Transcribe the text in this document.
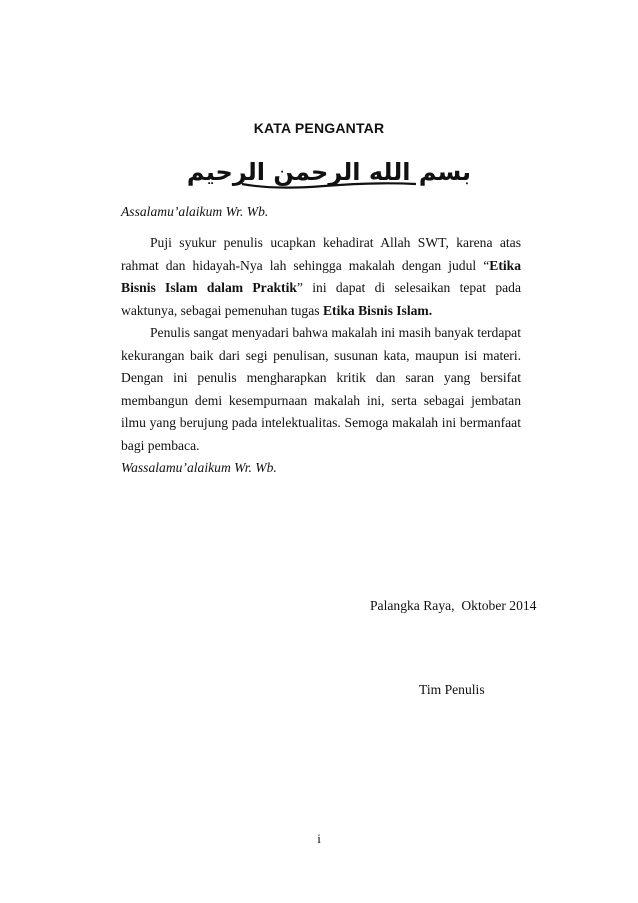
KATA PENGANTAR
بسم الله الرحمن الرحيم
Assalamu’alaikum Wr. Wb.

Puji syukur penulis ucapkan kehadirat Allah SWT, karena atas rahmat dan hidayah-Nya lah sehingga makalah dengan judul “Etika Bisnis Islam dalam Praktik” ini dapat di selesaikan tepat pada waktunya, sebagai pemenuhan tugas Etika Bisnis Islam.

Penulis sangat menyadari bahwa makalah ini masih banyak terdapat kekurangan baik dari segi penulisan, susunan kata, maupun isi materi. Dengan ini penulis mengharapkan kritik dan saran yang bersifat membangun demi kesempurnaan makalah ini, serta sebagai jembatan ilmu yang berujung pada intelektualitas. Semoga makalah ini bermanfaat bagi pembaca.

Wassalamu’alaikum Wr. Wb.
Palangka Raya,  Oktober 2014
Tim Penulis
i
